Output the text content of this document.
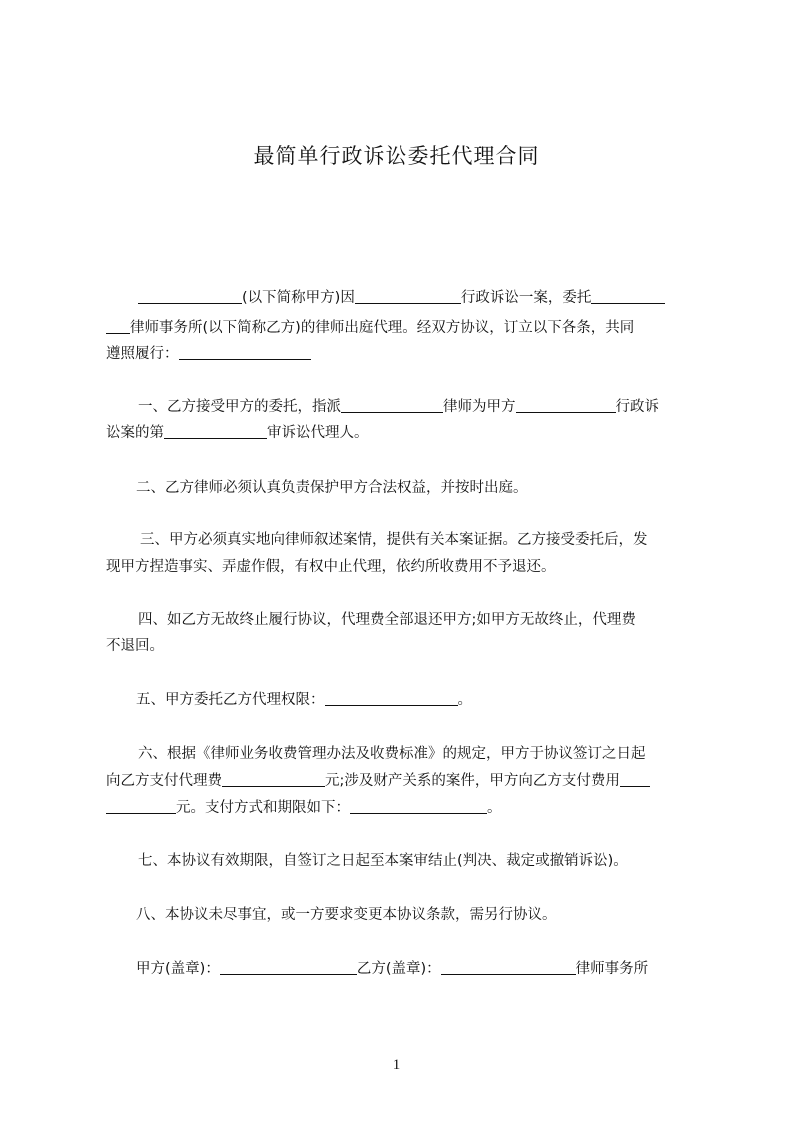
最简单行政诉讼委托代理合同
(以下简称甲方)因	行政诉讼一案，委托
律师事务所(以下简称乙方)的律师出庭代理。经双方协议，订立以下各条，共同
遵照履行：
一、乙方接受甲方的委托，指派	律师为甲方	行政诉
讼案的第	审诉讼代理人。
二、乙方律师必须认真负责保护甲方合法权益，并按时出庭。
三、甲方必须真实地向律师叙述案情，提供有关本案证据。乙方接受委托后，发
现甲方捏造事实、弄虚作假，有权中止代理，依约所收费用不予退还。
四、如乙方无故终止履行协议，代理费全部退还甲方;如甲方无故终止，代理费
不退回。
五、甲方委托乙方代理权限：	。
六、根据《律师业务收费管理办法及收费标准》的规定，甲方于协议签订之日起
向乙方支付代理费	元;涉及财产关系的案件，甲方向乙方支付费用
元。支付方式和期限如下：	。
七、本协议有效期限，自签订之日起至本案审结止(判决、裁定或撤销诉讼)。
八、本协议未尽事宜，或一方要求变更本协议条款，需另行协议。
甲方(盖章)：	乙方(盖章)：	律师事务所
1
